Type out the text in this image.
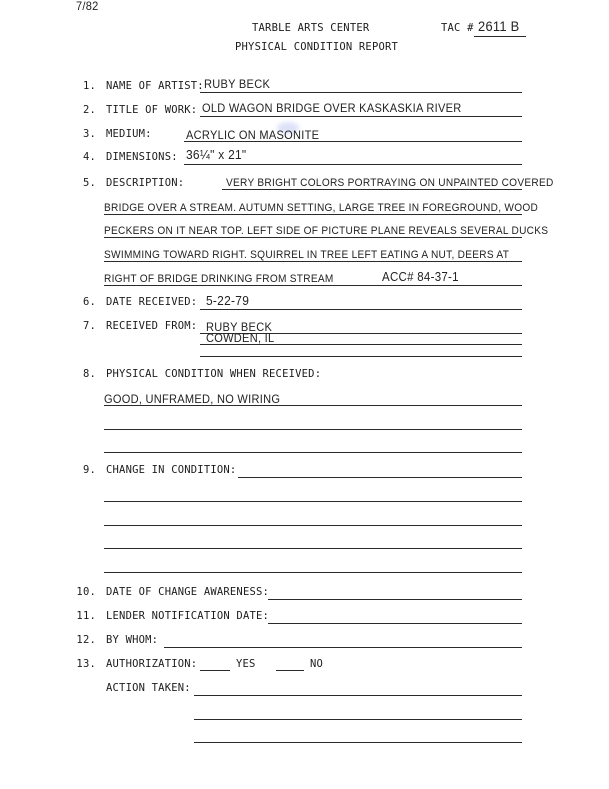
7/82
TARBLE ARTS CENTER	TAC # 2611 B
PHYSICAL CONDITION REPORT
1. NAME OF ARTIST: RUBY BECK
2. TITLE OF WORK: OLD WAGON BRIDGE OVER KASKASKIA RIVER
3. MEDIUM:	ACRYLIC ON MASONITE
4. DIMENSIONS: 36¼" x 21"
5. DESCRIPTION:	VERY BRIGHT COLORS PORTRAYING ON UNPAINTED COVERED
BRIDGE OVER A STREAM. AUTUMN SETTING, LARGE TREE IN FOREGROUND, WOOD
PECKERS ON IT NEAR TOP. LEFT SIDE OF PICTURE PLANE REVEALS SEVERAL DUCKS
SWIMMING TOWARD RIGHT. SQUIRREL IN TREE LEFT EATING A NUT, DEERS AT
RIGHT OF BRIDGE DRINKING FROM STREAM	ACC# 84-37-1
6. DATE RECEIVED: 5-22-79
7. RECEIVED FROM: RUBY BECK
COWDEN, IL
8. PHYSICAL CONDITION WHEN RECEIVED:
GOOD, UNFRAMED, NO WIRING
9. CHANGE IN CONDITION:
10. DATE OF CHANGE AWARENESS:
11. LENDER NOTIFICATION DATE:
12. BY WHOM:
13. AUTHORIZATION:	YES	NO
ACTION TAKEN:
